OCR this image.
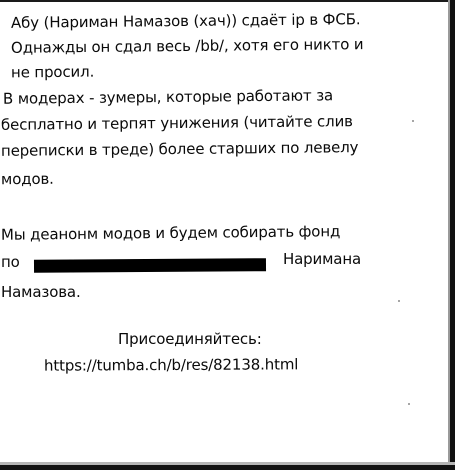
Абу (Нариман Намазов (хач)) сдаёт ip в ФСБ.
Однажды он сдал весь /bb/, хотя его никто и
не просил.
В модерах - зумеры, которые работают за
бесплатно и терпят унижения (читайте слив
переписки в треде) более старших по левелу
модов.
Мы деанонм модов и будем собирать фонд
по	Наримана
Намазова.
Присоединяйтесь:
https://tumba.ch/b/res/82138.html
